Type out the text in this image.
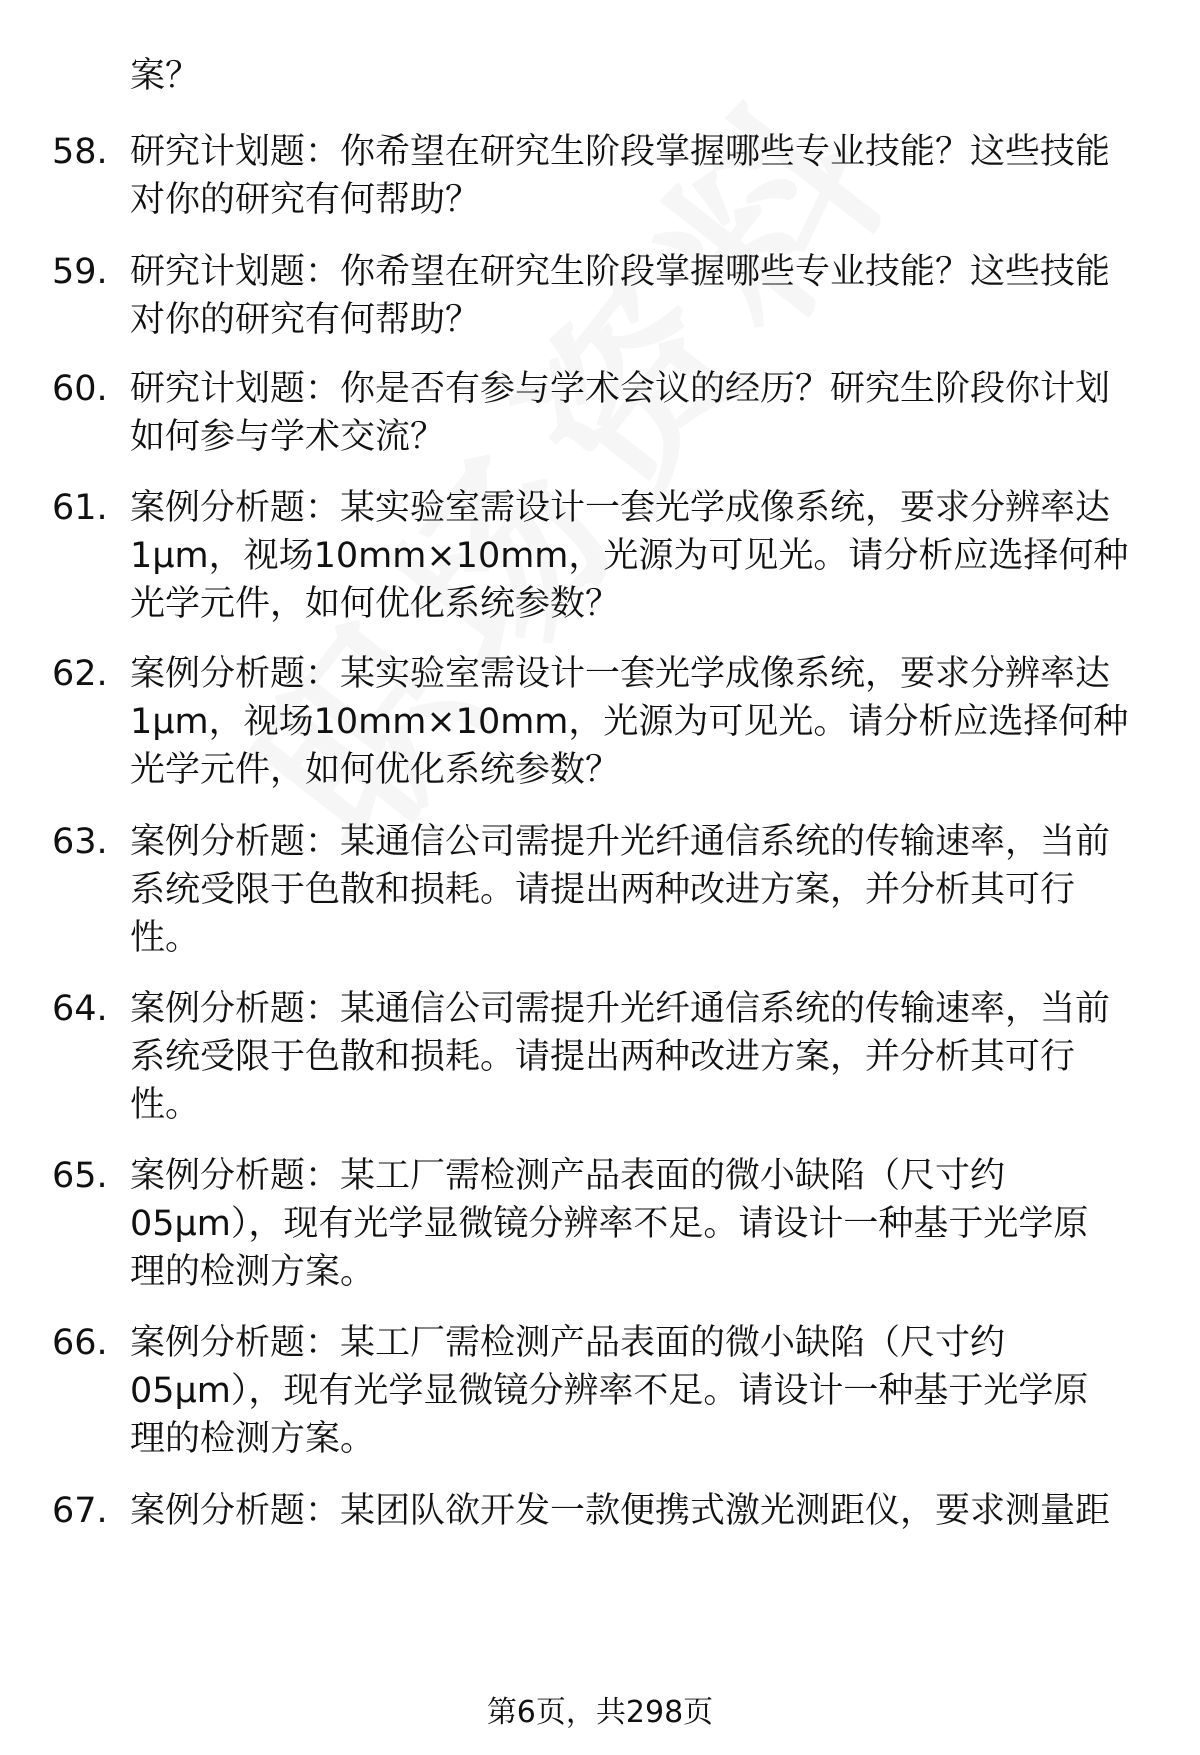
案？
58. 研究计划题：你希望在研究生阶段掌握哪些专业技能？这些技能
对你的研究有何帮助？
59. 研究计划题：你希望在研究生阶段掌握哪些专业技能？这些技能
对你的研究有何帮助？
60. 研究计划题：你是否有参与学术会议的经历？研究生阶段你计划
如何参与学术交流？
61. 案例分析题：某实验室需设计一套光学成像系统，要求分辨率达
1μm，视场10mm×10mm，光源为可见光。请分析应选择何种
光学元件，如何优化系统参数？
62. 案例分析题：某实验室需设计一套光学成像系统，要求分辨率达
1μm，视场10mm×10mm，光源为可见光。请分析应选择何种
光学元件，如何优化系统参数？
63. 案例分析题：某通信公司需提升光纤通信系统的传输速率，当前
系统受限于色散和损耗。请提出两种改进方案，并分析其可行
性。
64. 案例分析题：某通信公司需提升光纤通信系统的传输速率，当前
系统受限于色散和损耗。请提出两种改进方案，并分析其可行
性。
65. 案例分析题：某工厂需检测产品表面的微小缺陷（尺寸约
05μm），现有光学显微镜分辨率不足。请设计一种基于光学原
理的检测方案。
66. 案例分析题：某工厂需检测产品表面的微小缺陷（尺寸约
05μm），现有光学显微镜分辨率不足。请设计一种基于光学原
理的检测方案。
67. 案例分析题：某团队欲开发一款便携式激光测距仪，要求测量距
第6页，共298页
